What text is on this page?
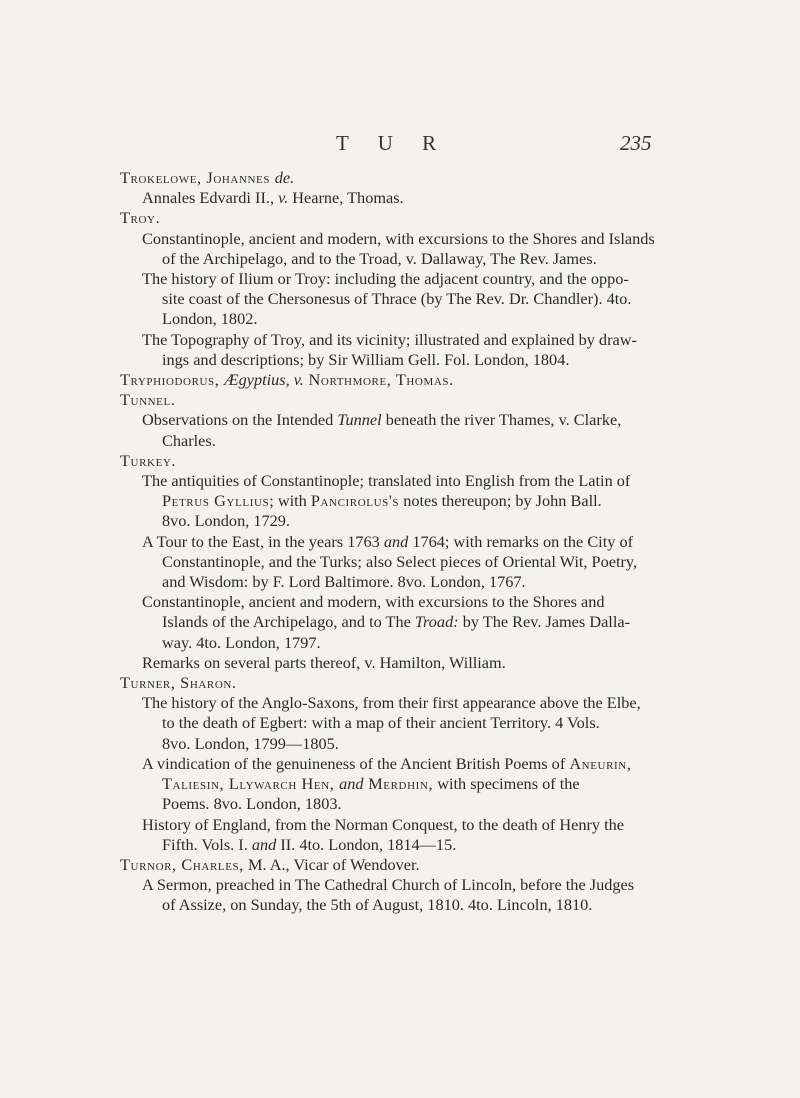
T U R	235
Trokelowe, Johannes de.
Annales Edvardi II., v. Hearne, Thomas.
Troy.
Constantinople, ancient and modern, with excursions to the Shores and Islands
of the Archipelago, and to the Troad, v. Dallaway, The Rev. James.
The history of Ilium or Troy: including the adjacent country, and the oppo-
site coast of the Chersonesus of Thrace (by The Rev. Dr. Chandler). 4to.
London, 1802.
The Topography of Troy, and its vicinity; illustrated and explained by draw-
ings and descriptions; by Sir William Gell. Fol. London, 1804.
Tryphiodorus, Ægyptius, v. Northmore, Thomas.
Tunnel.
Observations on the Intended Tunnel beneath the river Thames, v. Clarke,
Charles.
Turkey.
The antiquities of Constantinople; translated into English from the Latin of
Petrus Gyllius; with Pancirolus's notes thereupon; by John Ball.
8vo. London, 1729.
A Tour to the East, in the years 1763 and 1764; with remarks on the City of
Constantinople, and the Turks; also Select pieces of Oriental Wit, Poetry,
and Wisdom: by F. Lord Baltimore. 8vo. London, 1767.
Constantinople, ancient and modern, with excursions to the Shores and
Islands of the Archipelago, and to The Troad: by The Rev. James Dalla-
way. 4to. London, 1797.
Remarks on several parts thereof, v. Hamilton, William.
Turner, Sharon.
The history of the Anglo-Saxons, from their first appearance above the Elbe,
to the death of Egbert: with a map of their ancient Territory. 4 Vols.
8vo. London, 1799—1805.
A vindication of the genuineness of the Ancient British Poems of Aneurin,
Taliesin, Llywarch Hen, and Merdhin, with specimens of the
Poems. 8vo. London, 1803.
History of England, from the Norman Conquest, to the death of Henry the
Fifth. Vols. I. and II. 4to. London, 1814—15.
Turnor, Charles, M. A., Vicar of Wendover.
A Sermon, preached in The Cathedral Church of Lincoln, before the Judges
of Assize, on Sunday, the 5th of August, 1810. 4to. Lincoln, 1810.
